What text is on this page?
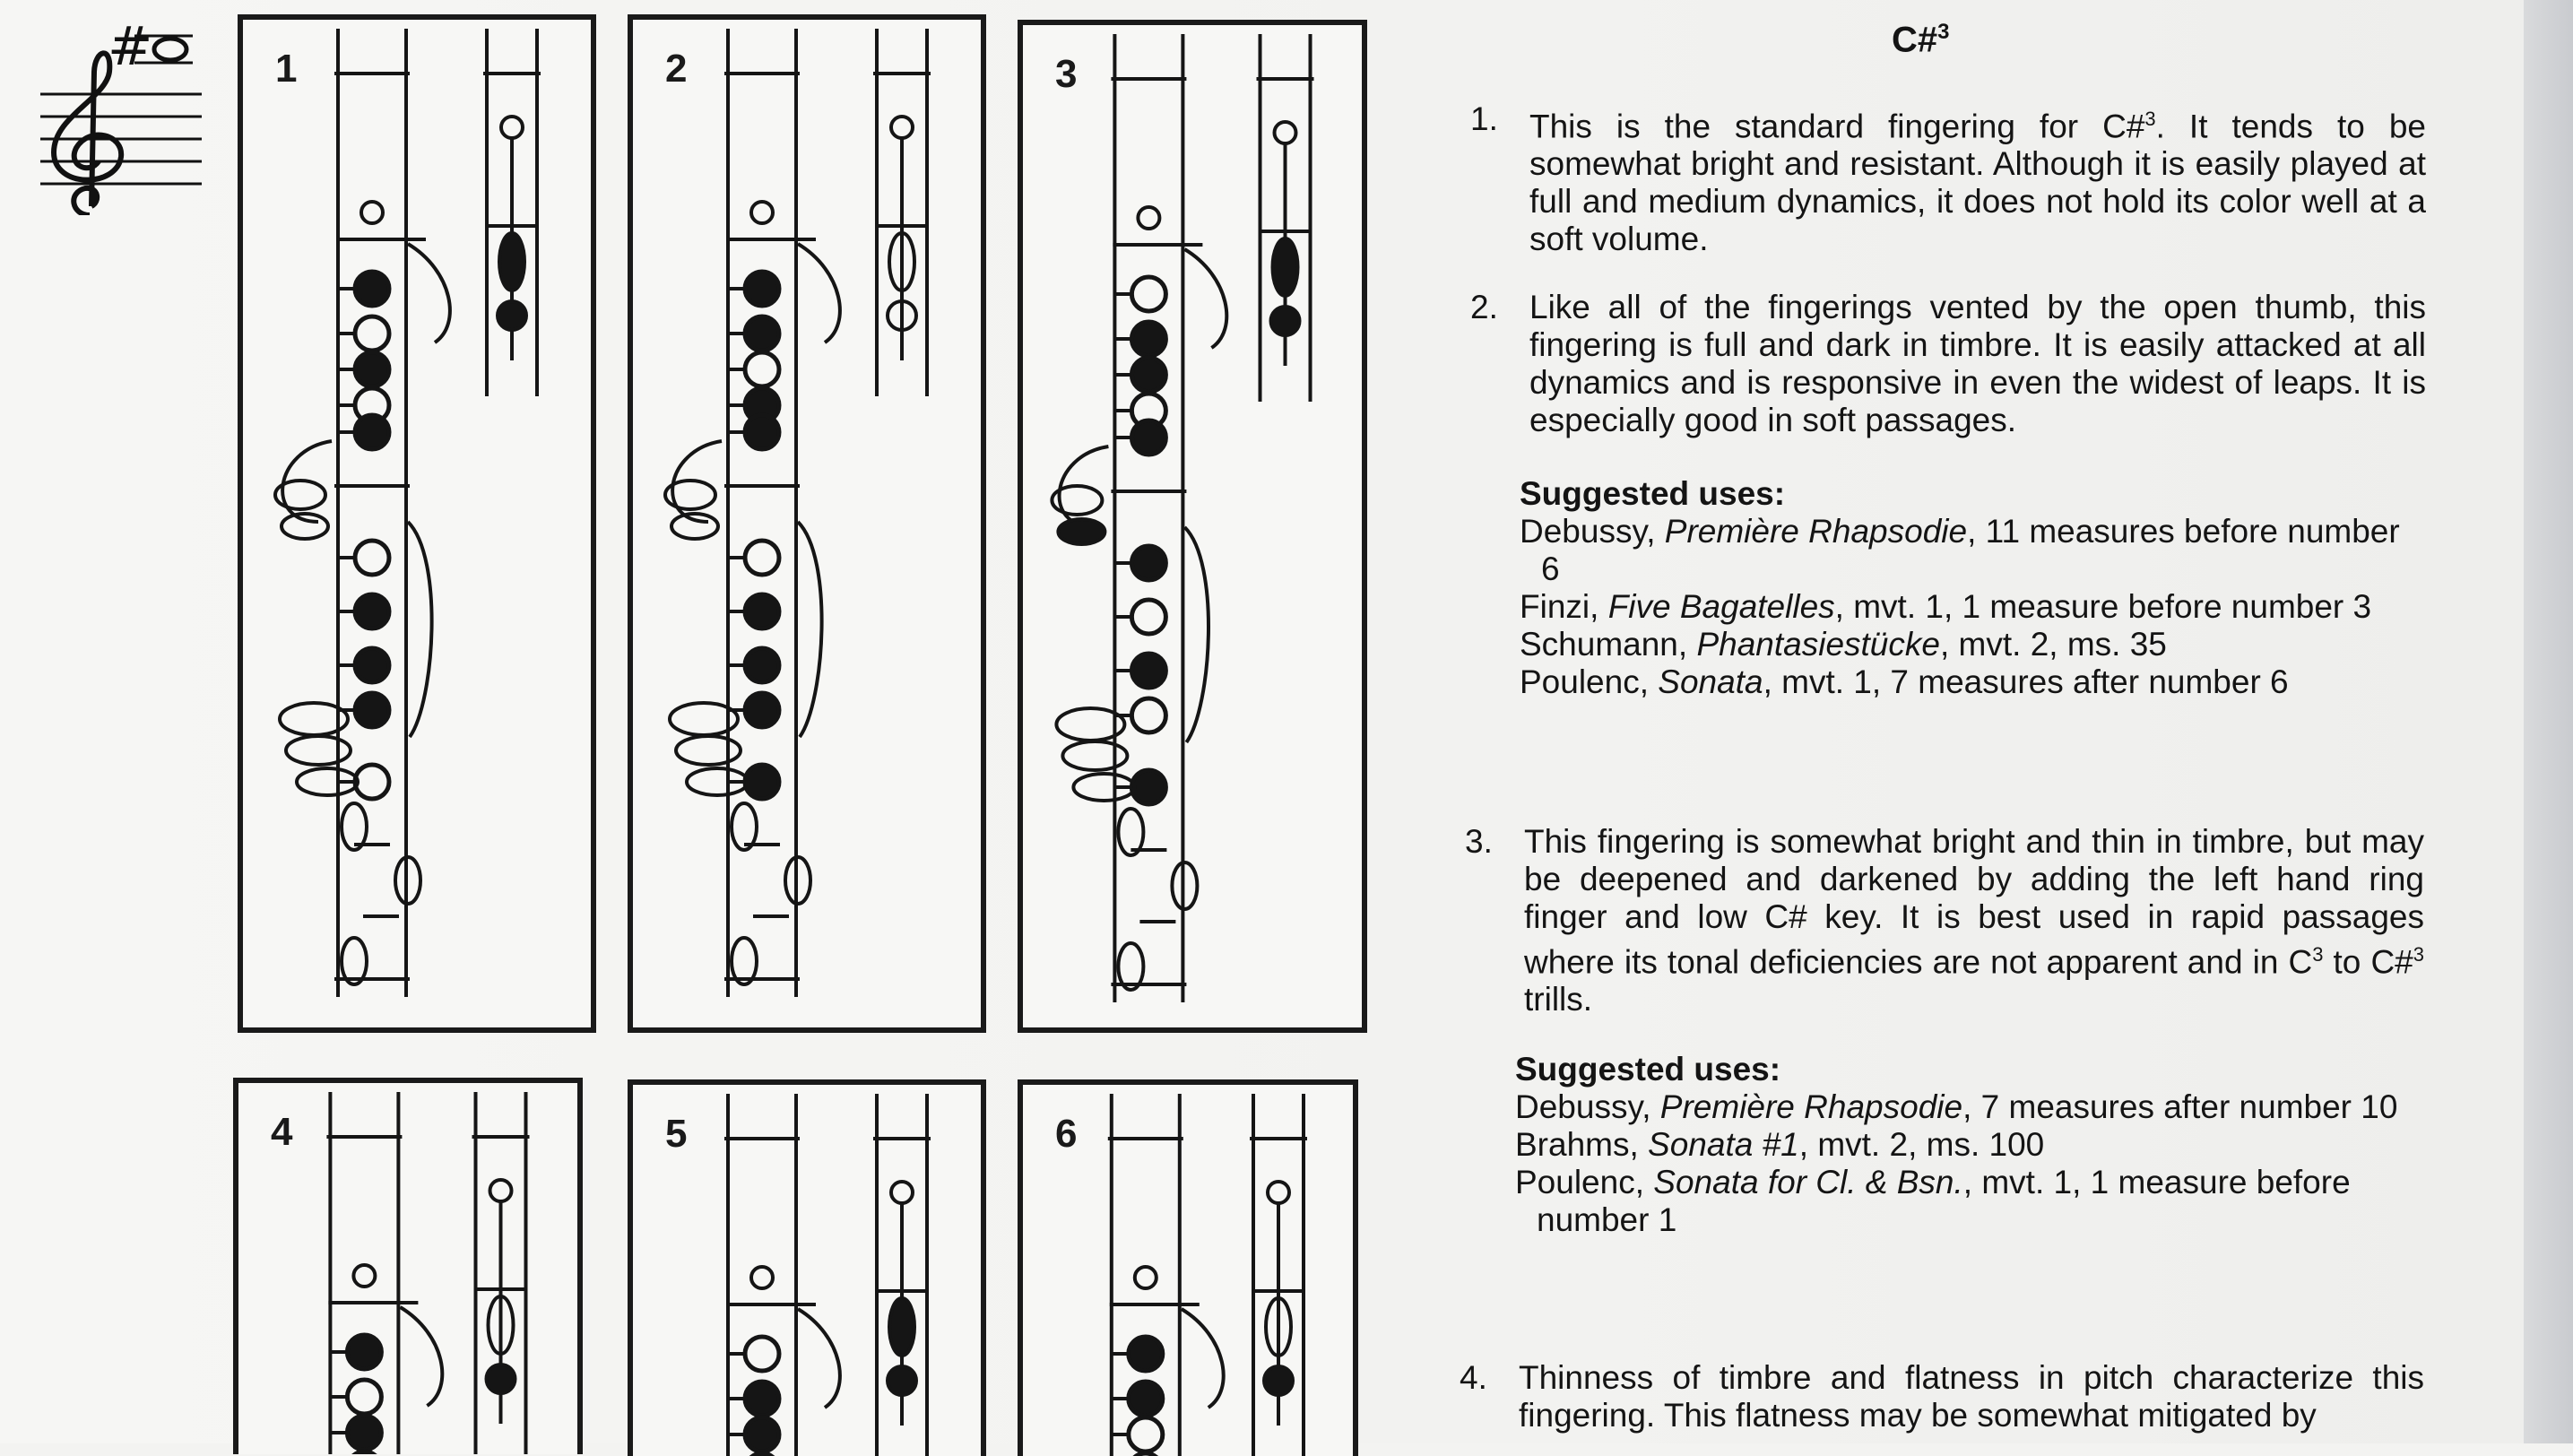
#	1	2	3
4	5	6
C#$^3$
1. This is the standard fingering for C#$^3$. It tends to be somewhat bright and resistant. Although it is easily played at full and medium dynamics, it does not hold its color well at a soft volume.
2. Like all of the fingerings vented by the open thumb, this fingering is full and dark in timbre. It is easily attacked at all dynamics and is responsive in even the widest of leaps. It is especially good in soft passages.
Suggested uses:
Debussy, Première Rhapsodie, 11 measures before number 6
Finzi, Five Bagatelles, mvt. 1, 1 measure before number 3
Schumann, Phantasiestücke, mvt. 2, ms. 35
Poulenc, Sonata, mvt. 1, 7 measures after number 6
3. This fingering is somewhat bright and thin in timbre, but may be deepened and darkened by adding the left hand ring finger and low C# key. It is best used in rapid passages where its tonal deficiencies are not apparent and in $C^3$ to C#$^3$ trills.
Suggested uses:
Debussy, Première Rhapsodie, 7 measures after number 10
Brahms, Sonata #1, mvt. 2, ms. 100
Poulenc, Sonata for Cl. & Bsn., mvt. 1, 1 measure before number 1
4. Thinness of timbre and flatness in pitch characterize this fingering. This flatness may be somewhat mitigated by
